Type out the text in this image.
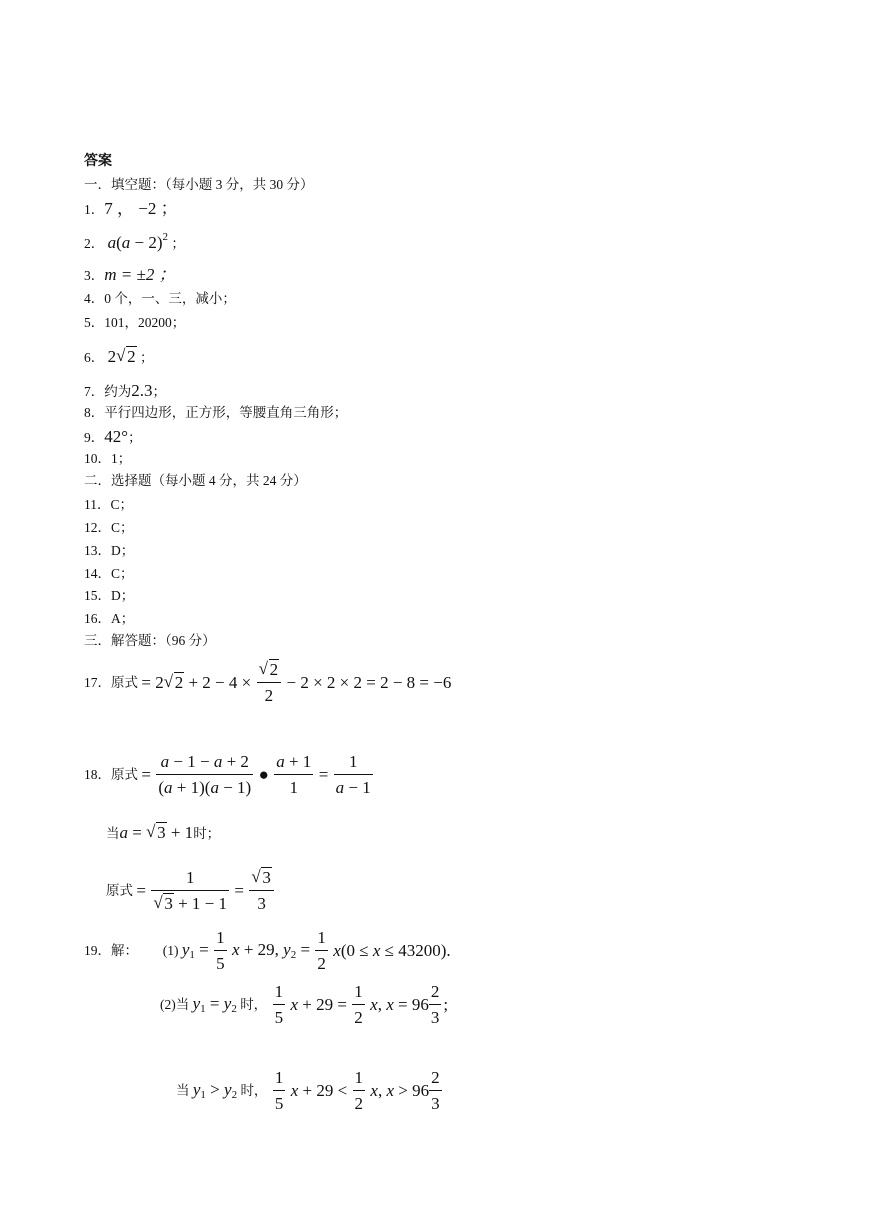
答案
一．填空题：（每小题 3 分，共 30 分）
1．7 ， −2 ；
2． $a(a - 2)^2$ ；
3．m = ±2 ；
4．0 个，一、三，减小；
5．101，20200；
6． 2 √ 2 ；
7．约为2.3；
8．平行四边形，正方形，等腰直角三角形；
9．42°；
10．1；
二．选择题（每小题 4 分，共 24 分）
11．C；
12．C；
13．D；
14．C；
15．D；
16．A；
三．解答题：（96 分）
17．原式 = 2 √ 2 + 2 − 4 × √ $\frac{2}{2} - 2 \times 2 \times 2 = 2 - 8 = -6$
18．原式 = $\frac{a - 1 - a + 2}{(a + 1)(a - 1)}$ ● $\frac{a + 1}{1} = \frac{1}{a - 1}$
当a = √ 3 + 1时；
原式 = 1
√ 3 + 1 − 1 = √ $\frac{3}{3}$
19．解： (1) $y_1 = \frac{1}{5}$ x + 29, $y_2 = \frac{1}{2} x(0 \le x \le 43200)$.
(2)当 $y_1 = y_2$ 时， $\frac{1}{5}$ $x + 29 = \frac{1}{2} x$, $x = 96 \frac{2}{3}$ ;
当 $y_1 > y_2$ 时， $\frac{1}{5}$ $x + 29 < \frac{1}{2} x$, $x > 96 \frac{2}{3}$
